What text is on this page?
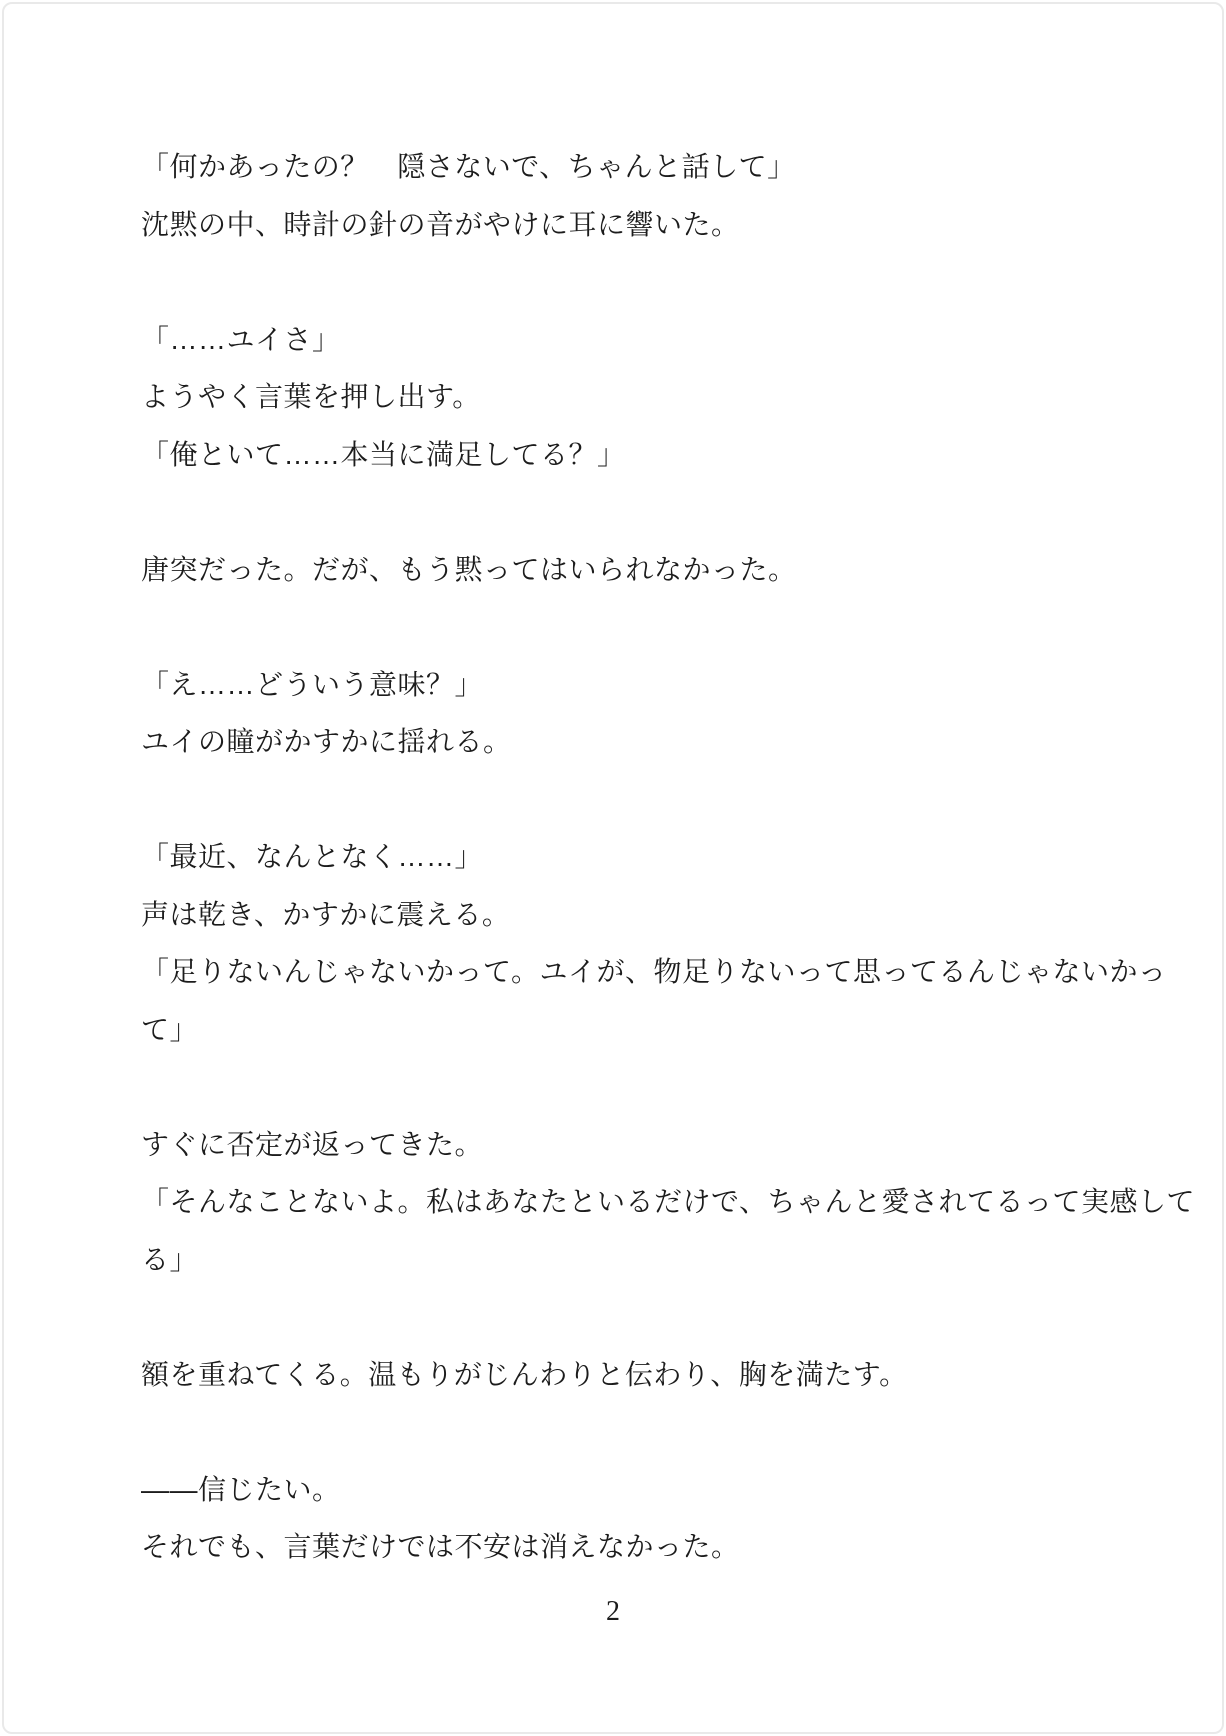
「何かあったの？　隠さないで、ちゃんと話して」
沈黙の中、時計の針の音がやけに耳に響いた。

「……ユイさ」
ようやく言葉を押し出す。
「俺といて……本当に満足してる？」

唐突だった。だが、もう黙ってはいられなかった。

「え……どういう意味？」
ユイの瞳がかすかに揺れる。

「最近、なんとなく……」
声は乾き、かすかに震える。
「足りないんじゃないかって。ユイが、物足りないって思ってるんじゃないかっ
て」

すぐに否定が返ってきた。
「そんなことないよ。私はあなたといるだけで、ちゃんと愛されてるって実感して
る」

額を重ねてくる。温もりがじんわりと伝わり、胸を満たす。

――信じたい。
それでも、言葉だけでは不安は消えなかった。
2
